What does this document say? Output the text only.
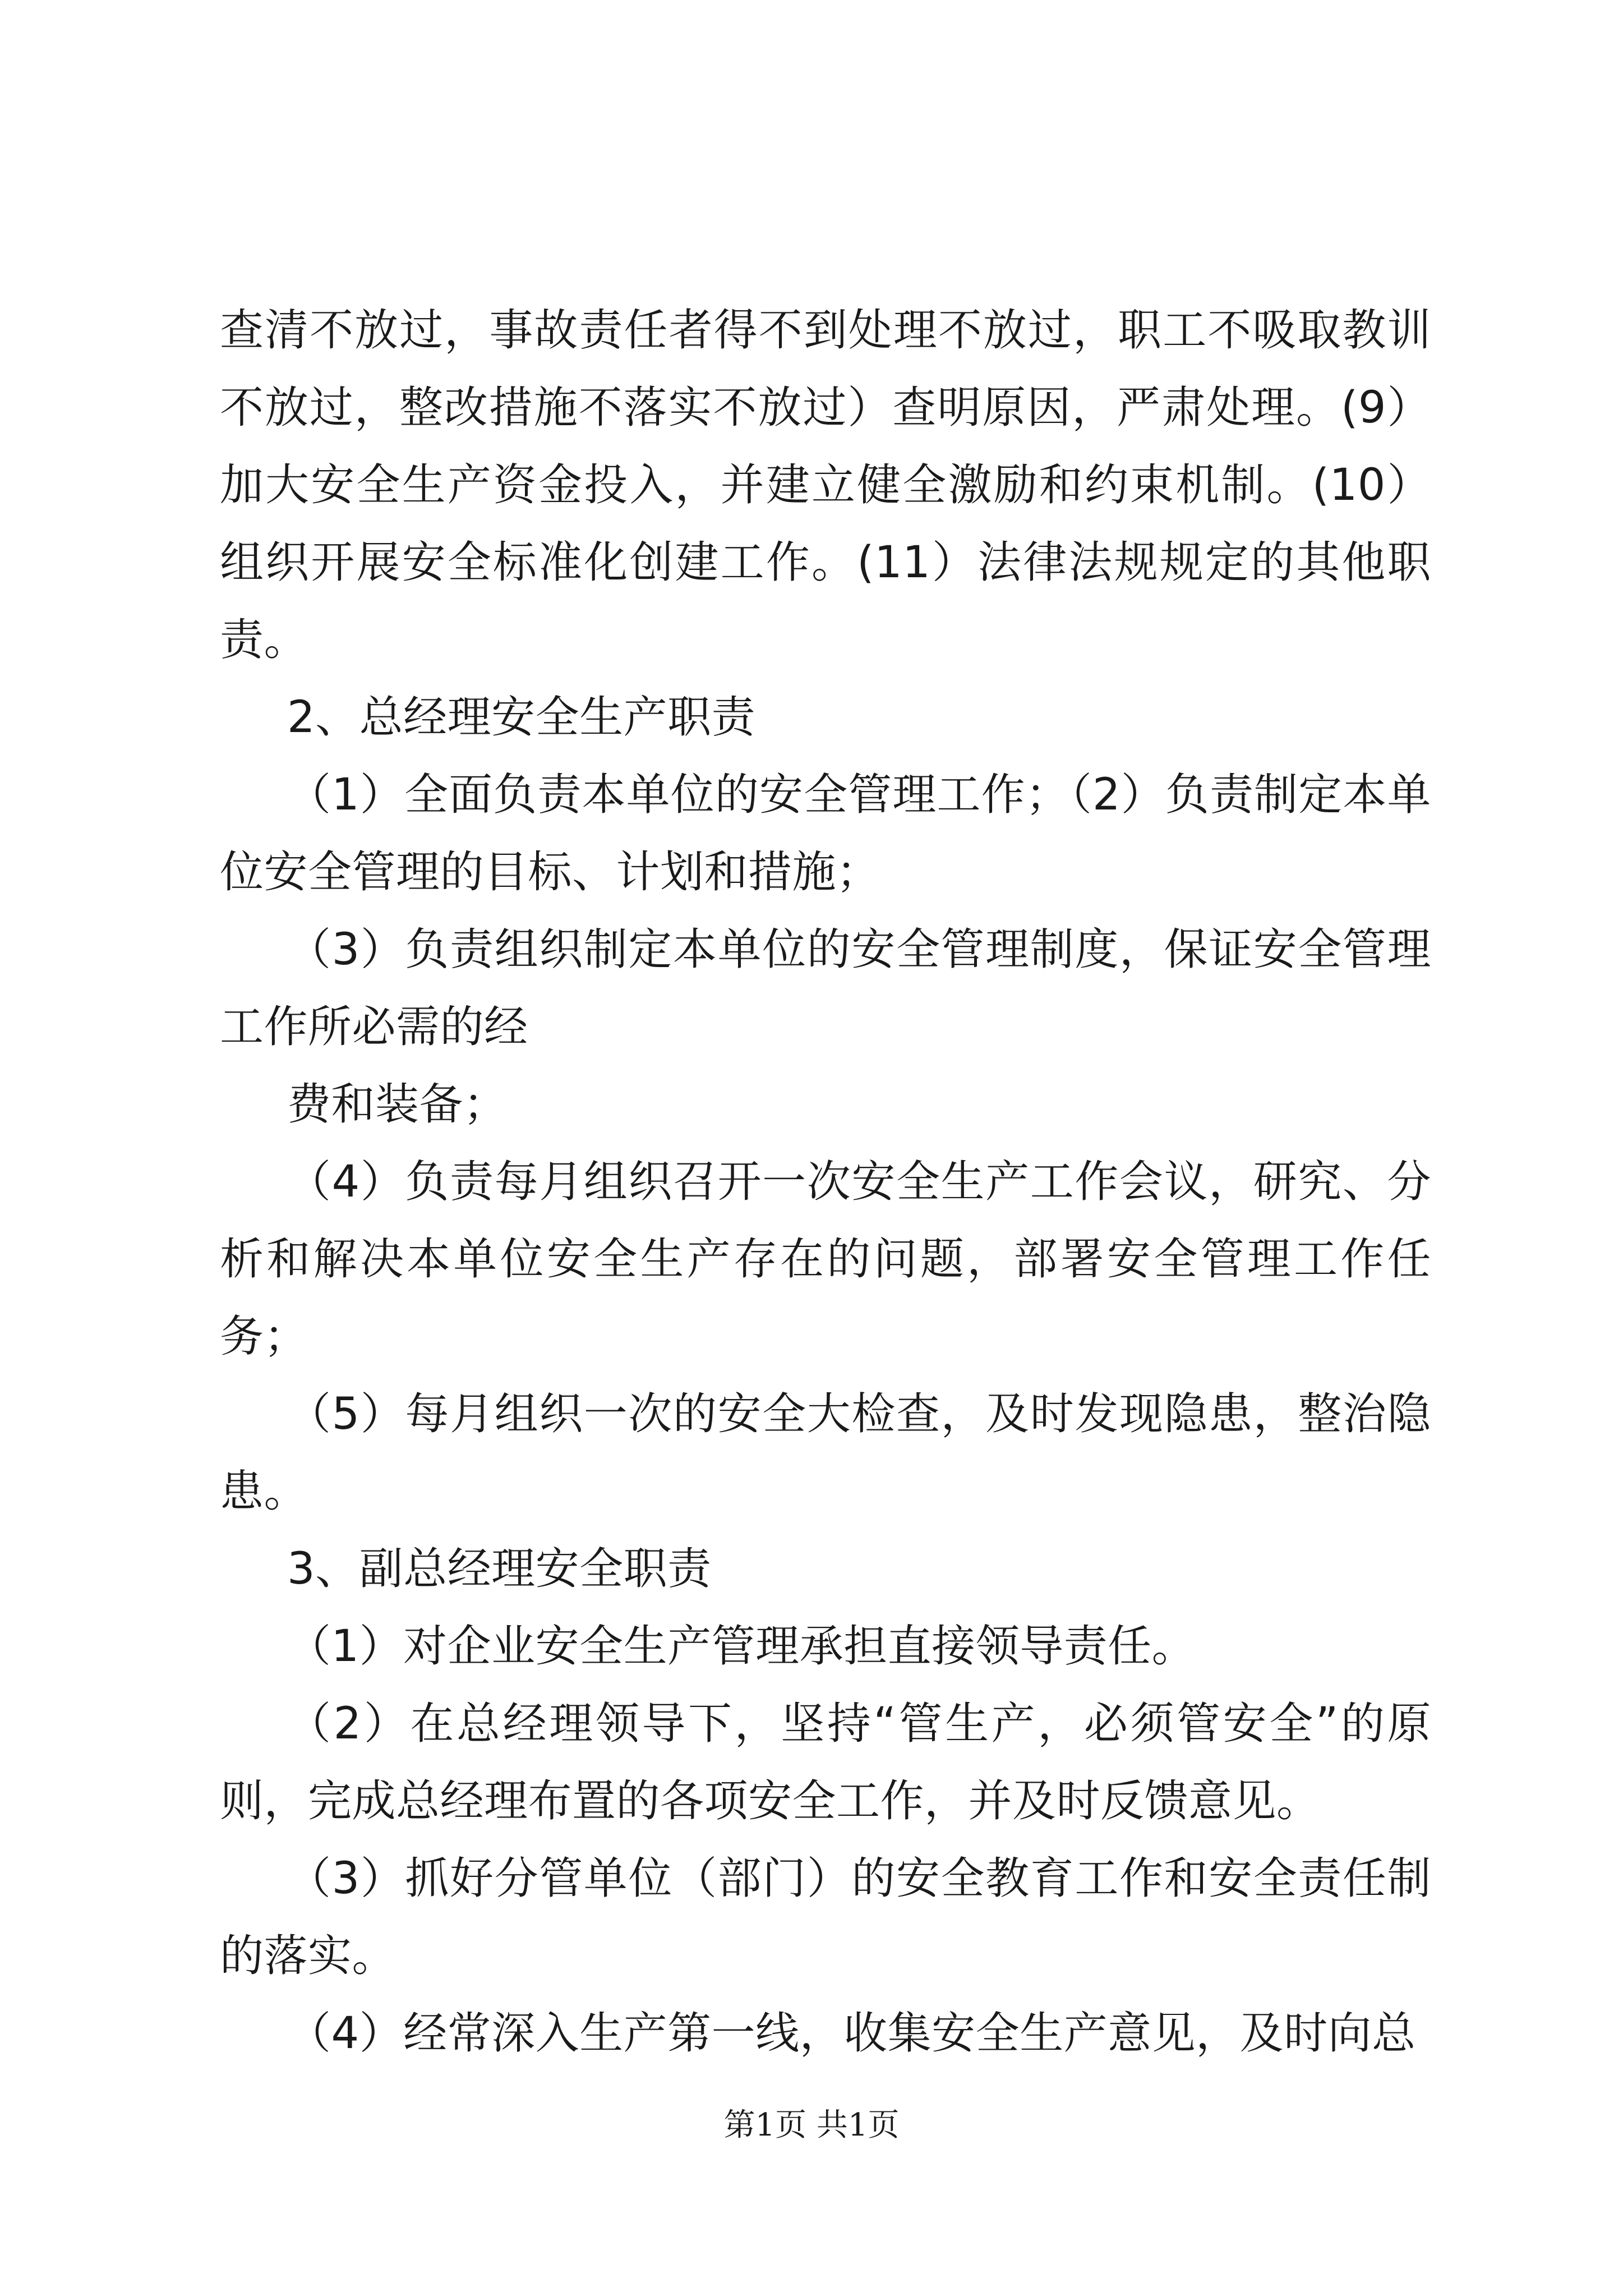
查清不放过，事故责任者得不到处理不放过，职工不吸取教训不放过，整改措施不落实不放过）查明原因，严肃处理。(9）加大安全生产资金投入，并建立健全激励和约束机制。(10）组织开展安全标准化创建工作。(11）法律法规规定的其他职责。

2、总经理安全生产职责

（1）全面负责本单位的安全管理工作；（2）负责制定本单位安全管理的目标、计划和措施；

（3）负责组织制定本单位的安全管理制度，保证安全管理工作所必需的经

费和装备；

（4）负责每月组织召开一次安全生产工作会议，研究、分析和解决本单位安全生产存在的问题，部署安全管理工作任务；

（5）每月组织一次的安全大检查，及时发现隐患，整治隐患。

3、副总经理安全职责

（1）对企业安全生产管理承担直接领导责任。

（2）在总经理领导下，坚持“管生产，必须管安全”的原则，完成总经理布置的各项安全工作，并及时反馈意见。

（3）抓好分管单位（部门）的安全教育工作和安全责任制的落实。

（4）经常深入生产第一线，收集安全生产意见，及时向总

第1页 共1页
